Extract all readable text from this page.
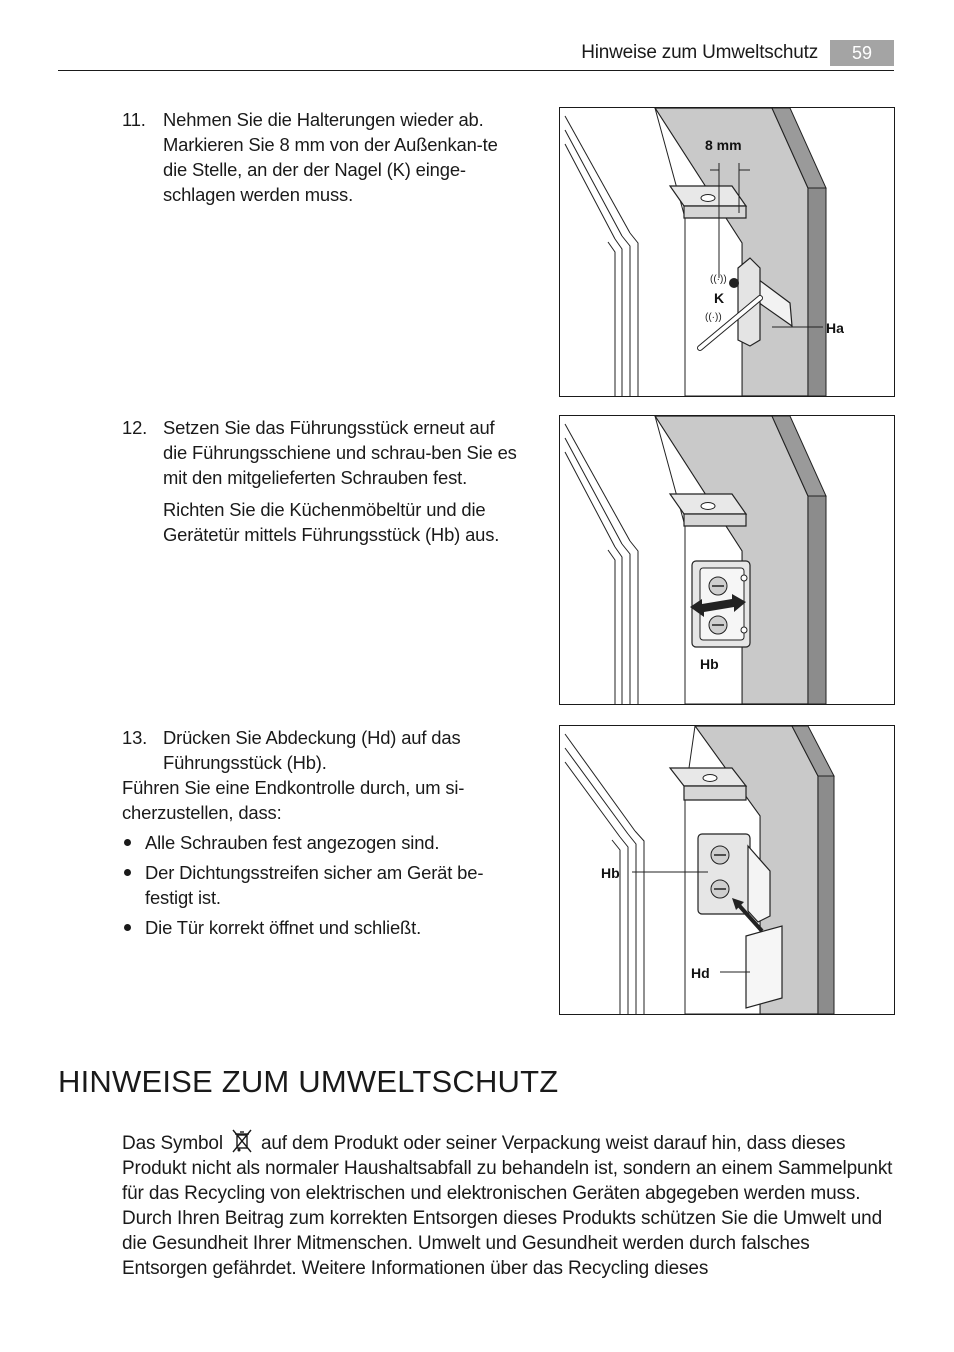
Hinweise zum Umweltschutz	59
11. Nehmen Sie die Halterungen wieder ab. Markieren Sie 8 mm von der Außenkan-te die Stelle, an der der Nagel (K) einge-schlagen werden muss.

12. Setzen Sie das Führungsstück erneut auf die Führungsschiene und schrau-ben Sie es mit den mitgelieferten Schrauben fest.

Richten Sie die Küchenmöbeltür und die Gerätetür mittels Führungsstück (Hb) aus.

13. Drücken Sie Abdeckung (Hd) auf das Führungsstück (Hb).

Führen Sie eine Endkontrolle durch, um si-cherzustellen, dass:

Alle Schrauben fest angezogen sind.
Der Dichtungsstreifen sicher am Gerät be-festigt ist.
Die Tür korrekt öffnet und schließt.
8 mm
((·))
((·))
K
Ha
Hb
Hb
Hd
HINWEISE ZUM UMWELTSCHUTZ
Das Symbol auf dem Produkt oder seiner Verpackung weist darauf hin, dass dieses Produkt nicht als normaler Haushaltsabfall zu behandeln ist, sondern an einem Sammelpunkt für das Recycling von elektrischen und elektronischen Geräten abgegeben werden muss. Durch Ihren Beitrag zum korrekten Entsorgen dieses Produkts schützen Sie die Umwelt und die Gesundheit Ihrer Mitmenschen. Umwelt und Gesundheit werden durch falsches Entsorgen gefährdet. Weitere Informationen über das Recycling dieses
